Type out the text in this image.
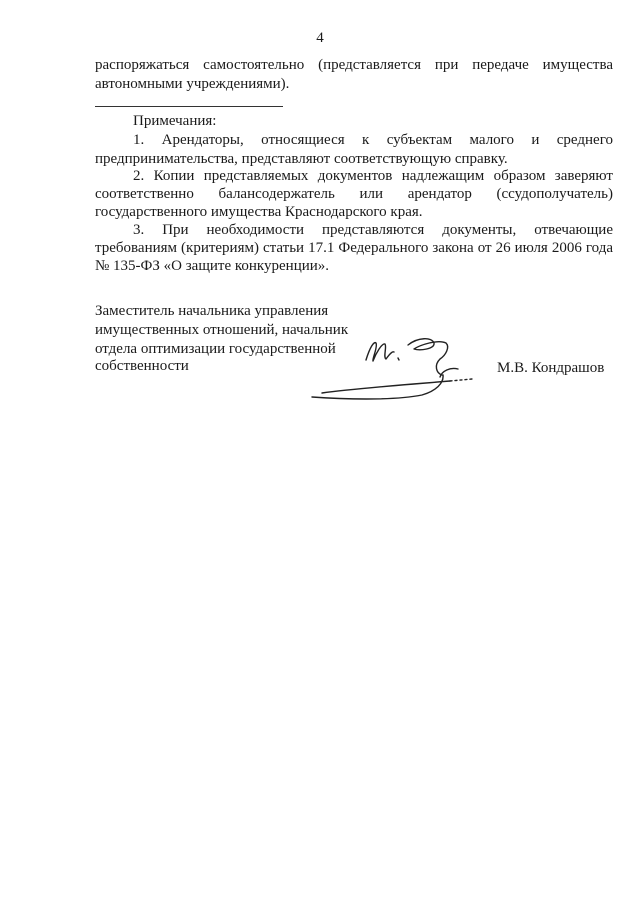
4
распоряжаться самостоятельно (представляется при передаче имущества
автономными учреждениями).
Примечания:
1. Арендаторы, относящиеся к субъектам малого и среднего
предпринимательства, представляют соответствующую справку.
2. Копии представляемых документов надлежащим образом заверяют
соответственно балансодержатель или арендатор (ссудополучатель)
государственного имущества Краснодарского края.
3. При необходимости представляются документы, отвечающие
требованиям (критериям) статьи 17.1 Федерального закона от 26 июля 2006 года
№ 135-ФЗ «О защите конкуренции».
Заместитель начальника управления
имущественных отношений, начальник
отдела оптимизации государственной
собственности	М.В. Кондрашов
